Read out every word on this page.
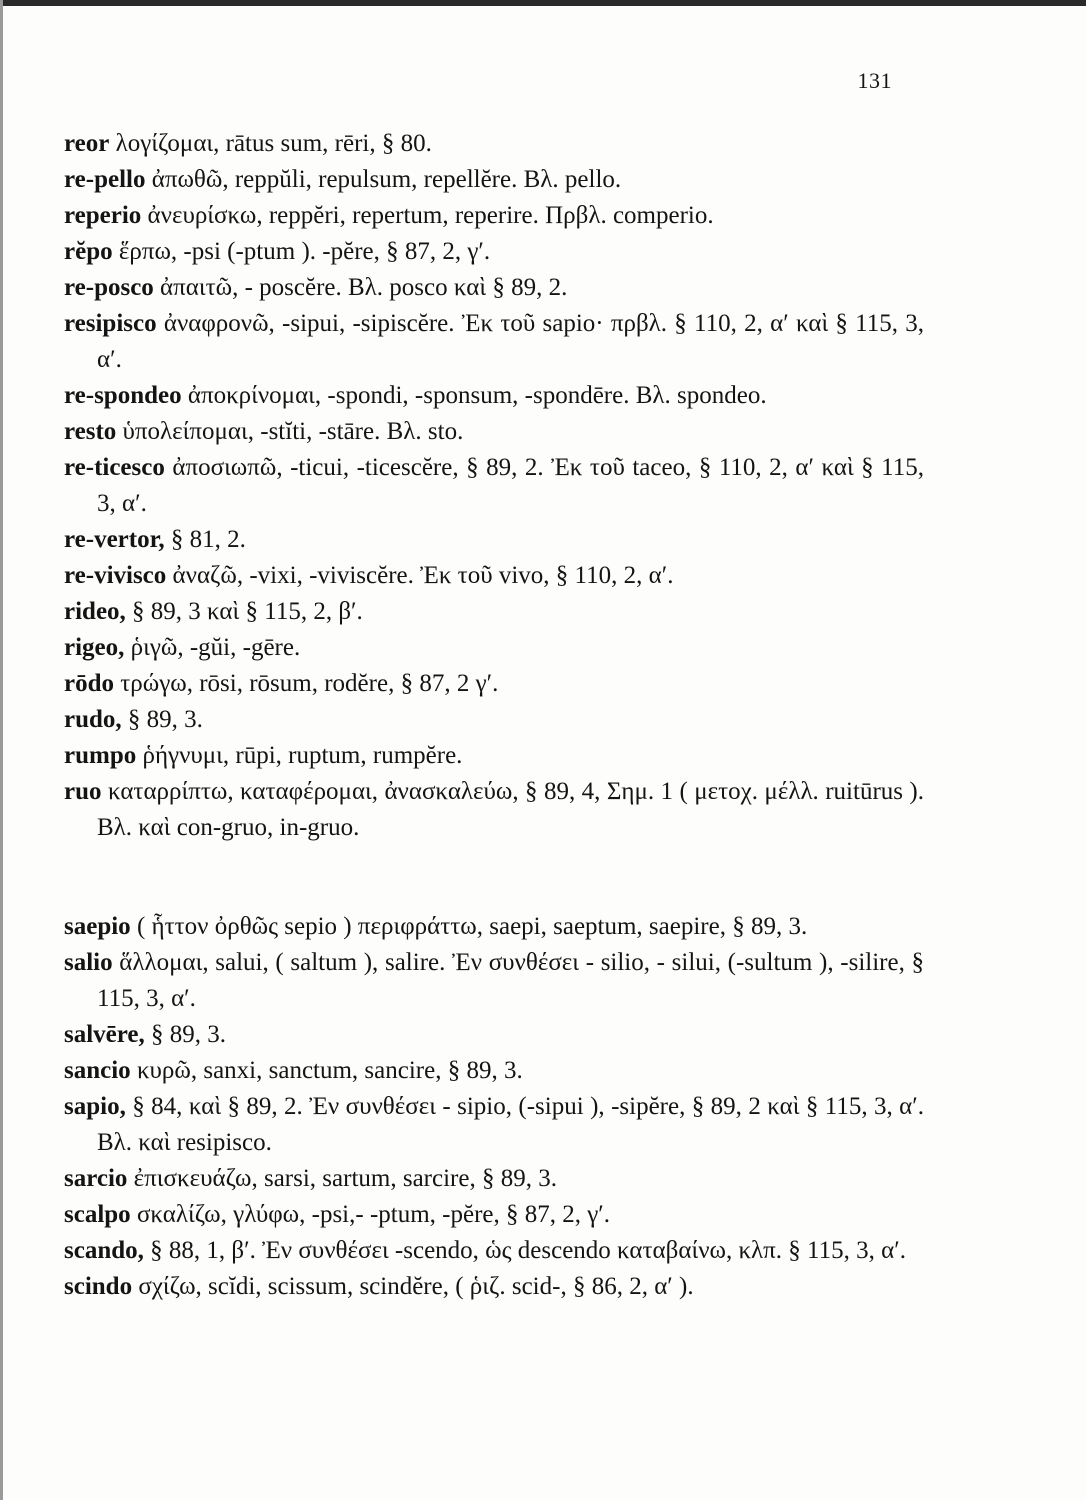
131
reor λογίζομαι, rātus sum, rēri, § 80.
re-pello ἀπωθῶ, reppŭli, repulsum, repellĕre. Βλ. pello.
reperio ἀνευρίσκω, reppĕri, repertum, reperire. Πρβλ. comperio.
rĕpo ἕρπω, -psi (-ptum ). -pĕre, § 87, 2, γ′.
re-posco ἀπαιτῶ, - poscĕre. Βλ. posco καὶ § 89, 2.
resipisco ἀναφρονῶ, -sipui, -sipiscĕre. Ἐκ τοῦ sapio· πρβλ. § 110, 2, α′ καὶ § 115, 3, α′.
re-spondeo ἀποκρίνομαι, -spondi, -sponsum, -spondēre. Βλ. spondeo.
resto ὑπολείπομαι, -stĭti, -stāre. Βλ. sto.
re-ticesco ἀποσιωπῶ, -ticui, -ticescĕre, § 89, 2. Ἐκ τοῦ taceo, § 110, 2, α′ καὶ § 115, 3, α′.
re-vertor, § 81, 2.
re-vivisco ἀναζῶ, -vixi, -viviscĕre. Ἐκ τοῦ vivo, § 110, 2, α′.
rideo, § 89, 3 καὶ § 115, 2, β′.
rigeo, ῥιγῶ, -gŭi, -gēre.
rōdo τρώγω, rōsi, rōsum, rodĕre, § 87, 2 γ′.
rudo, § 89, 3.
rumpo ῥήγνυμι, rūpi, ruptum, rumpĕre.
ruo καταρρίπτω, καταφέρομαι, ἀνασκαλεύω, § 89, 4, Σημ. 1 ( μετοχ. μέλλ. ruitūrus ). Βλ. καὶ con-gruo, in-gruo.
saepio ( ἧττον ὀρθῶς sepio ) περιφράττω, saepi, saeptum, saepire, § 89, 3.
salio ἅλλομαι, salui, ( saltum ), salire. Ἐν συνθέσει - silio, - silui, (-sultum ), -silire, § 115, 3, α′.
salvēre, § 89, 3.
sancio κυρῶ, sanxi, sanctum, sancire, § 89, 3.
sapio, § 84, καὶ § 89, 2. Ἐν συνθέσει - sipio, (-sipui ), -sipĕre, § 89, 2 καὶ § 115, 3, α′. Βλ. καὶ resipisco.
sarcio ἐπισκευάζω, sarsi, sartum, sarcire, § 89, 3.
scalpo σκαλίζω, γλύφω, -psi,- -ptum, -pĕre, § 87, 2, γ′.
scando, § 88, 1, β′. Ἐν συνθέσει -scendo, ὡς descendo καταβαίνω, κλπ. § 115, 3, α′.
scindo σχίζω, scĭdi, scissum, scindĕre, ( ῥιζ. scid-, § 86, 2, α′ ).
